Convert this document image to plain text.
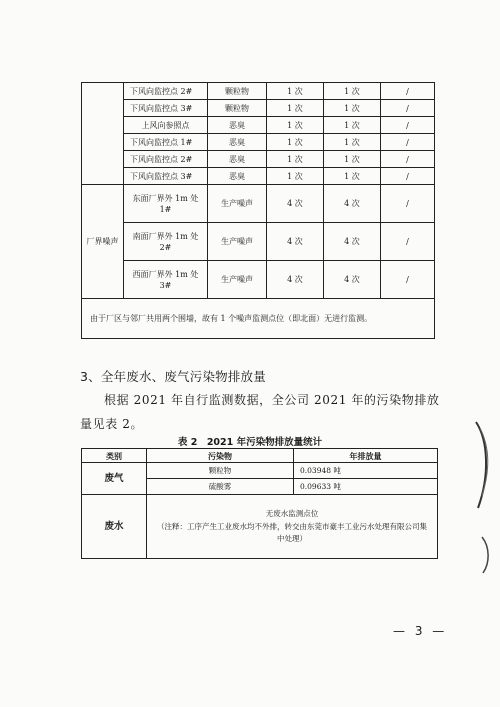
	下风向监控点 2#	颗粒物	1 次	1 次	/
	下风向监控点 3#	颗粒物	1 次	1 次	/
	上风向参照点	恶臭	1 次	1 次	/
	下风向监控点 1#	恶臭	1 次	1 次	/
	下风向监控点 2#	恶臭	1 次	1 次	/
	下风向监控点 3#	恶臭	1 次	1 次	/
厂界噪声	东面厂界外 1m 处 1#	生产噪声	4 次	4 次	/
	南面厂界外 1m 处 2#	生产噪声	4 次	4 次	/
	西面厂界外 1m 处 3#	生产噪声	4 次	4 次	/
由于厂区与邻厂共用两个围墙，故有 1 个噪声监测点位（即北面）无进行监测。					
3、全年废水、废气污染物排放量
根据 2021 年自行监测数据，全公司 2021 年的污染物排放量见表 2。
表 2　2021 年污染物排放量统计
类别	污染物	年排放量
废气	颗粒物	0.03948 吨
	硫酸雾	0.09633 吨
废水	无废水监测点位
（注释：工序产生工业废水均不外排，转交由东莞市豪丰工业污水处理有限公司集中处理）	
— 3 —
